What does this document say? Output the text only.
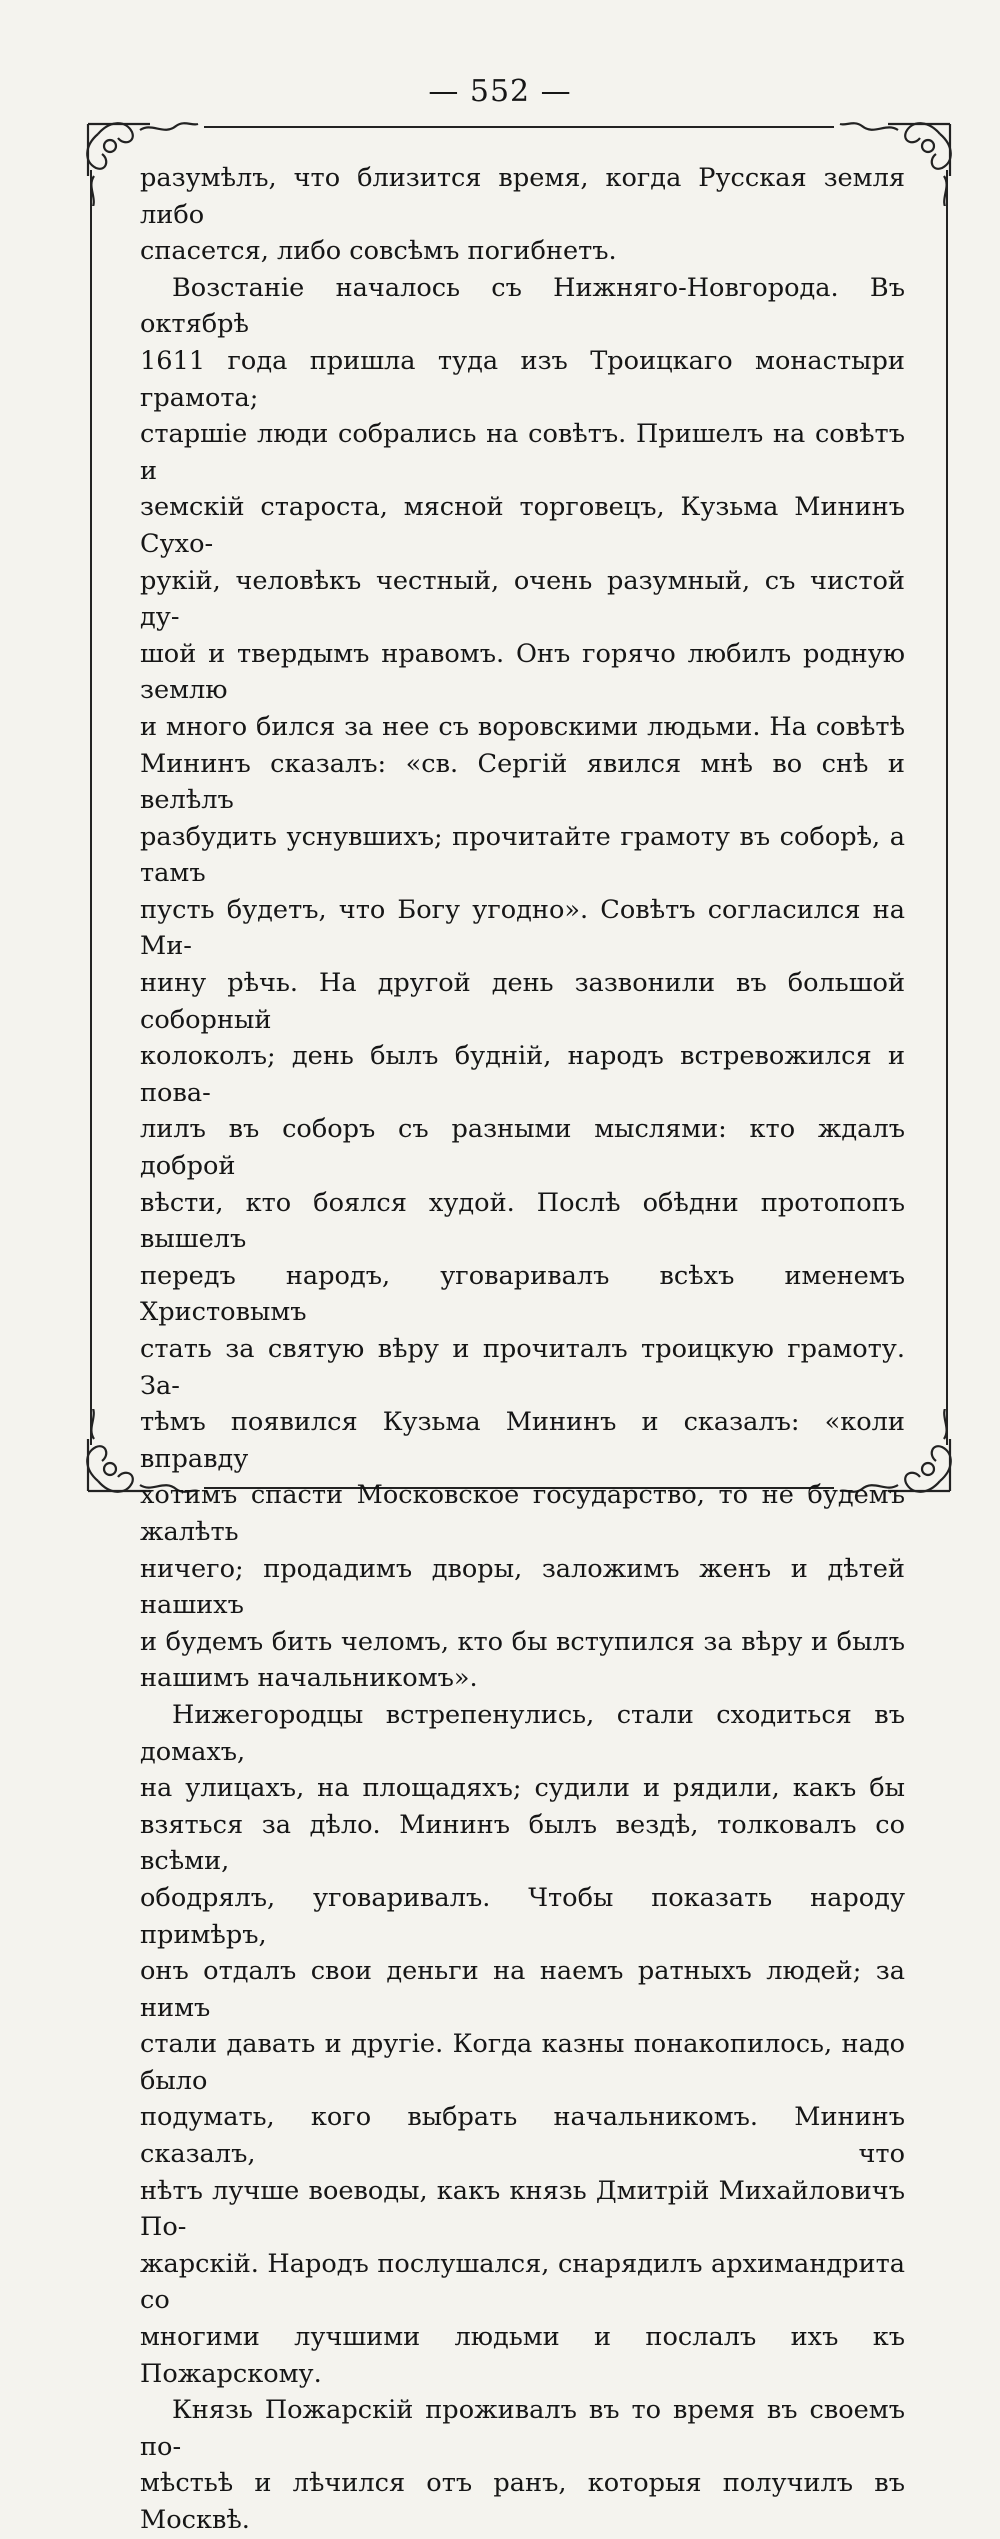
— 552 —

разумѣлъ, что близится время, когда Русская земля либо

спасется, либо совсѣмъ погибнетъ.

Возстаніе началось съ Нижняго-Новгорода. Въ октябрѣ

1611 года пришла туда изъ Троицкаго монастыри грамота;

старшіе люди собрались на совѣтъ. Пришелъ на совѣтъ и

земскій староста, мясной торговецъ, Кузьма Мининъ Сухо-

рукій, человѣкъ честный, очень разумный, съ чистой ду-

шой и твердымъ нравомъ. Онъ горячо любилъ родную землю

и много бился за нее съ воровскими людьми. На совѣтѣ

Мининъ сказалъ: «св. Сергій явился мнѣ во снѣ и велѣлъ

разбудить уснувшихъ; прочитайте грамоту въ соборѣ, а тамъ

пусть будетъ, что Богу угодно». Совѣтъ согласился на Ми-

нину рѣчь. На другой день зазвонили въ большой соборный

колоколъ; день былъ будній, народъ встревожился и пова-

лилъ въ соборъ съ разными мыслями: кто ждалъ доброй

вѣсти, кто боялся худой. Послѣ обѣдни протопопъ вышелъ

передъ народъ, уговаривалъ всѣхъ именемъ Христовымъ

стать за святую вѣру и прочиталъ троицкую грамоту. За-

тѣмъ появился Кузьма Мининъ и сказалъ: «коли вправду

хотимъ спасти Московское государство, то не будемъ жалѣть

ничего; продадимъ дворы, заложимъ женъ и дѣтей нашихъ

и будемъ бить челомъ, кто бы вступился за вѣру и былъ

нашимъ начальникомъ».

Нижегородцы встрепенулись, стали сходиться въ домахъ,

на улицахъ, на площадяхъ; судили и рядили, какъ бы

взяться за дѣло. Мининъ былъ вездѣ, толковалъ со всѣми,

ободрялъ, уговаривалъ. Чтобы показать народу примѣръ,

онъ отдалъ свои деньги на наемъ ратныхъ людей; за нимъ

стали давать и другіе. Когда казны понакопилось, надо было

подумать, кого выбрать начальникомъ. Мининъ сказалъ, что

нѣтъ лучше воеводы, какъ князь Дмитрій Михайловичъ По-

жарскій. Народъ послушался, снарядилъ архимандрита со

многими лучшими людьми и послалъ ихъ къ Пожарскому.

Князь Пожарскій проживалъ въ то время въ своемъ по-

мѣстьѣ и лѣчился отъ ранъ, которыя получилъ въ Москвѣ.
